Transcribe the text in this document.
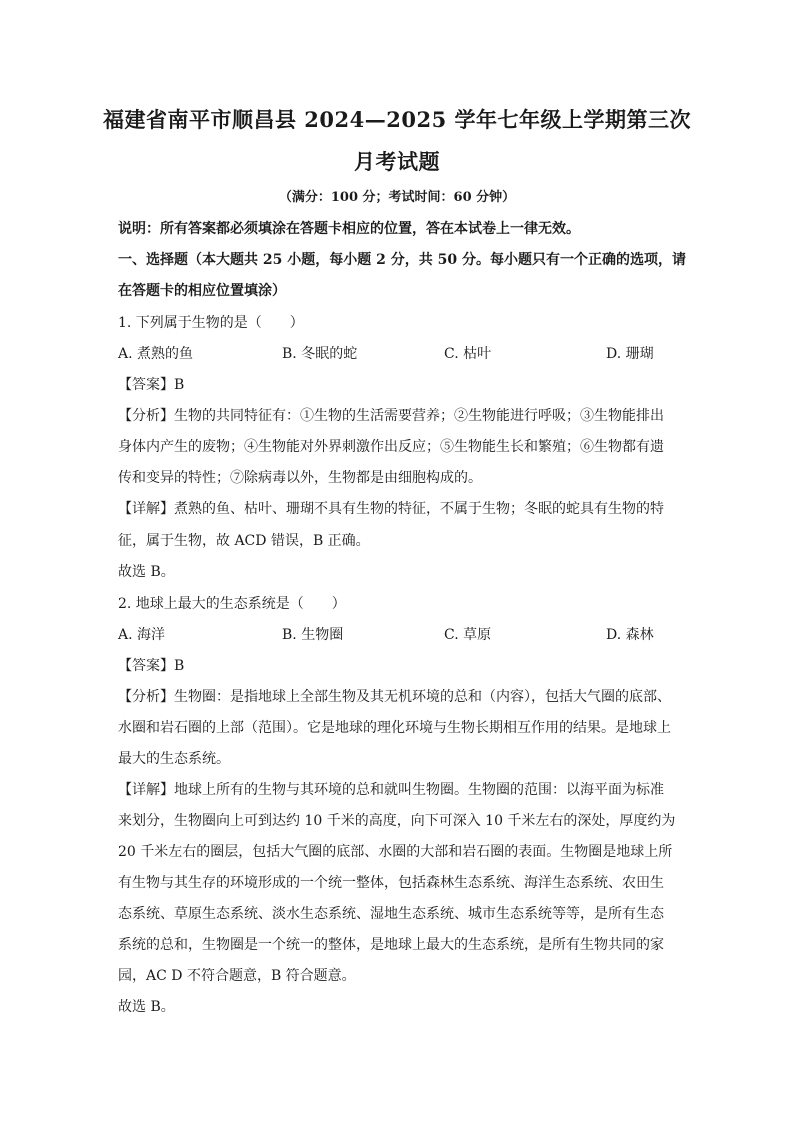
福建省南平市顺昌县 2024—2025 学年七年级上学期第三次
月考试题
（满分：100 分；考试时间：60 分钟）
说明：所有答案都必须填涂在答题卡相应的位置，答在本试卷上一律无效。
一、选择题（本大题共 25 小题，每小题 2 分，共 50 分。每小题只有一个正确的选项，请
在答题卡的相应位置填涂）
1. 下列属于生物的是（　　）
A. 煮熟的鱼	B. 冬眠的蛇	C. 枯叶	D. 珊瑚
【答案】B
【分析】生物的共同特征有：①生物的生活需要营养；②生物能进行呼吸；③生物能排出
身体内产生的废物；④生物能对外界刺激作出反应；⑤生物能生长和繁殖；⑥生物都有遗
传和变异的特性；⑦除病毒以外，生物都是由细胞构成的。
【详解】煮熟的鱼、枯叶、珊瑚不具有生物的特征，不属于生物；冬眠的蛇具有生物的特
征，属于生物，故 ACD 错误，B 正确。
故选 B。
2. 地球上最大的生态系统是（　　）
A. 海洋	B. 生物圈	C. 草原	D. 森林
【答案】B
【分析】生物圈：是指地球上全部生物及其无机环境的总和（内容），包括大气圈的底部、
水圈和岩石圈的上部（范围）。它是地球的理化环境与生物长期相互作用的结果。是地球上
最大的生态系统。
【详解】地球上所有的生物与其环境的总和就叫生物圈。生物圈的范围：以海平面为标准
来划分，生物圈向上可到达约 10 千米的高度，向下可深入 10 千米左右的深处，厚度约为
20 千米左右的圈层，包括大气圈的底部、水圈的大部和岩石圈的表面。生物圈是地球上所
有生物与其生存的环境形成的一个统一整体，包括森林生态系统、海洋生态系统、农田生
态系统、草原生态系统、淡水生态系统、湿地生态系统、城市生态系统等等，是所有生态
系统的总和，生物圈是一个统一的整体，是地球上最大的生态系统，是所有生物共同的家
园，AC D 不符合题意，B 符合题意。
故选 B。
